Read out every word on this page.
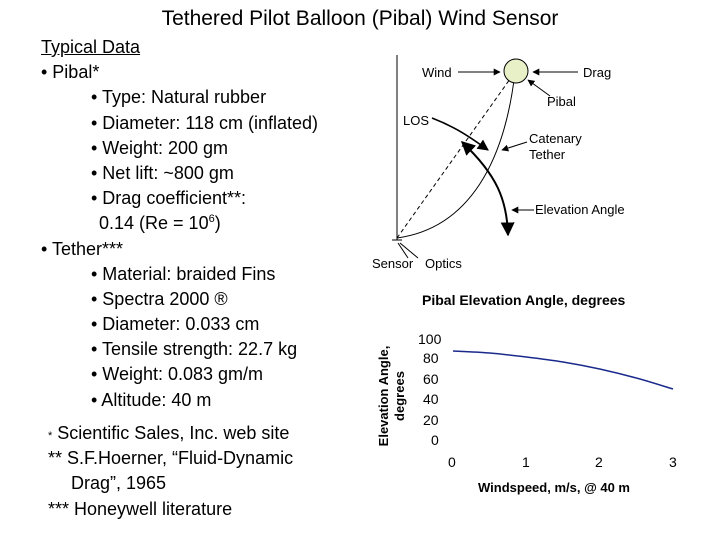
Tethered Pilot Balloon (Pibal) Wind Sensor
Typical Data
• Pibal*
• Type: Natural rubber
• Diameter: 118 cm (inflated)
• Weight: 200 gm
• Net lift: ~800 gm
• Drag coefficient**:
0.14 $(Re = 10^6)$
• Tether***
• Material: braided Fins
• Spectra 2000 ®
• Diameter: 0.033 cm
• Tensile strength: 22.7 kg
• Weight: 0.083 gm/m
• Altitude: 40 m
* Scientific Sales, Inc. web site
** S.F.Hoerner, “Fluid-Dynamic
Drag”, 1965
*** Honeywell literature
Wind	Drag
Pibal
LOS
Catenary
Tether
Elevation Angle
Sensor Optics
Pibal Elevation Angle, degrees
Elevation Angle, degrees
100
80
60
40
20
0
0	1	2	3
Windspeed, m/s, @ 40 m
